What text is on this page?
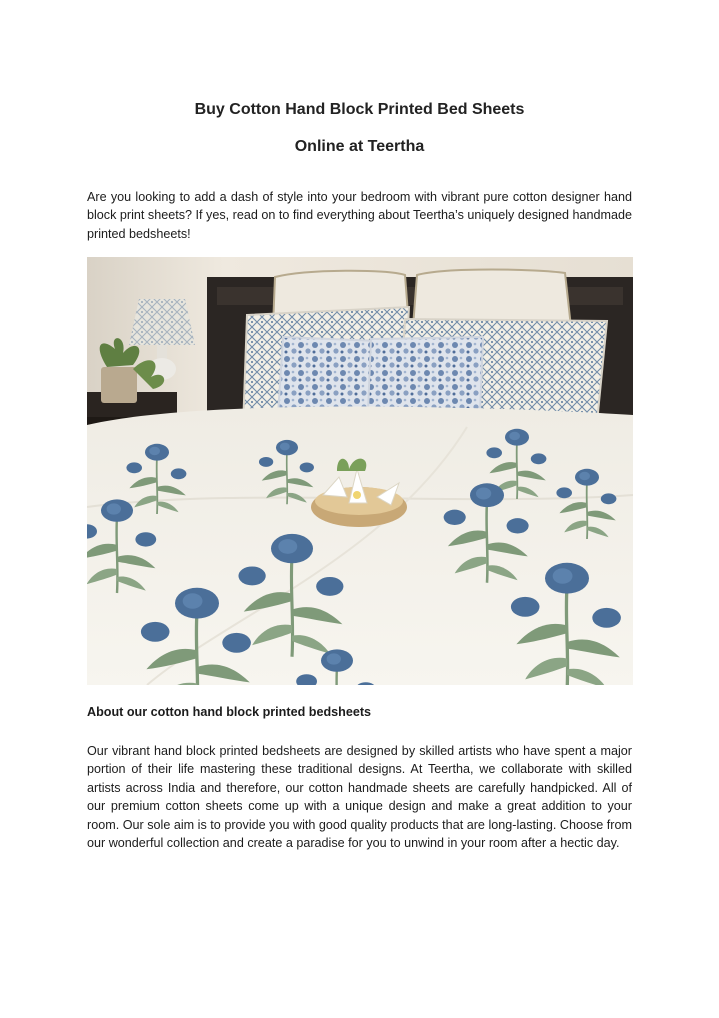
Buy Cotton Hand Block Printed Bed Sheets
Online at Teertha

Are you looking to add a dash of style into your bedroom with vibrant pure cotton designer hand block print sheets? If yes, read on to find everything about Teertha’s uniquely designed handmade printed bedsheets!

About our cotton hand block printed bedsheets

Our vibrant hand block printed bedsheets are designed by skilled artists who have spent a major portion of their life mastering these traditional designs. At Teertha, we collaborate with skilled artists across India and therefore, our cotton handmade sheets are carefully handpicked. All of our premium cotton sheets come up with a unique design and make a great addition to your room. Our sole aim is to provide you with good quality products that are long-lasting. Choose from our wonderful collection and create a paradise for you to unwind in your room after a hectic day.
